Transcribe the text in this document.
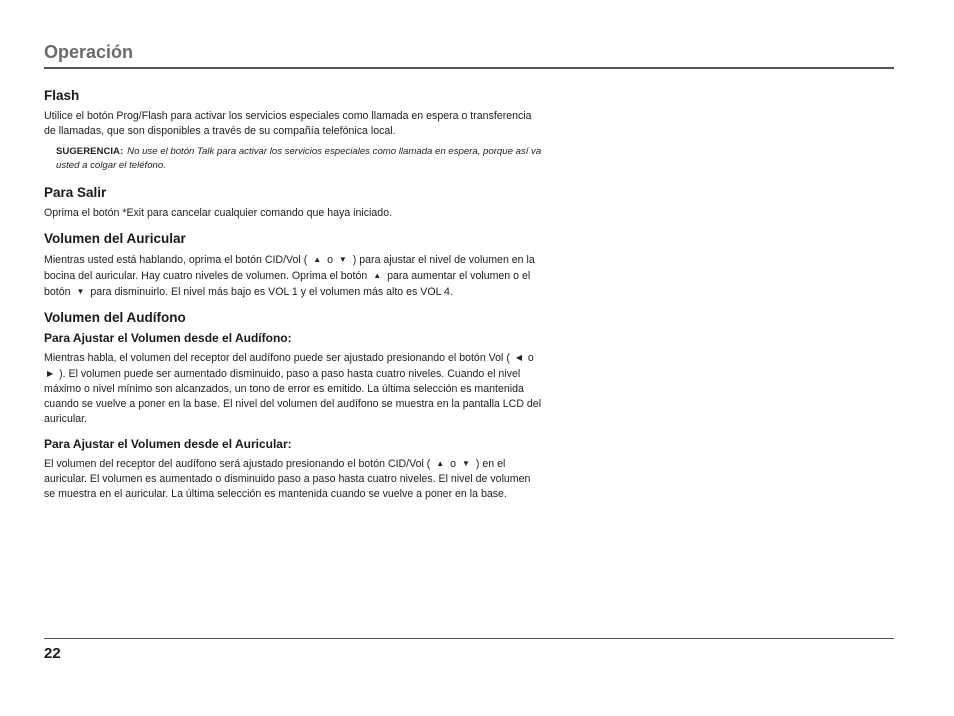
Operación
Flash

Utilice el botón Prog/Flash para activar los servicios especiales como llamada en espera o transferencia de llamadas, que son disponibles a través de su compañía telefónica local.

SUGERENCIA: No use el botón Talk para activar los servicios especiales como llamada en espera, porque así va usted a colgar el teléfono.
Para Salir

Oprima el botón *Exit para cancelar cualquier comando que haya iniciado.

Volumen del Auricular

Mientras usted está hablando, oprima el botón CID/Vol ( ▲ o ▼ ) para ajustar el nivel de volumen en la bocina del auricular. Hay cuatro niveles de volumen. Oprima el botón ▲ para aumentar el volumen o el botón ▼ para disminuirlo. El nivel más bajo es VOL 1 y el volumen más alto es VOL 4.

Volumen del Audífono
Para Ajustar el Volumen desde el Audífono:

Mientras habla, el volumen del receptor del audífono puede ser ajustado presionando el botón Vol ( ◀ o ▶ ). El volumen puede ser aumentado disminuido, paso a paso hasta cuatro niveles. Cuando el nivel máximo o nivel mínimo son alcanzados, un tono de error es emitido. La última selección es mantenida cuando se vuelve a poner en la base. El nivel del volumen del audífono se muestra en la pantalla LCD del auricular.

Para Ajustar el Volumen desde el Auricular:

El volumen del receptor del audífono será ajustado presionando el botón CID/Vol ( ▲ o ▼ ) en el auricular. El volumen es aumentado o disminuido paso a paso hasta cuatro niveles. El nivel de volumen se muestra en el auricular. La última selección es mantenida cuando se vuelve a poner en la base.

22
